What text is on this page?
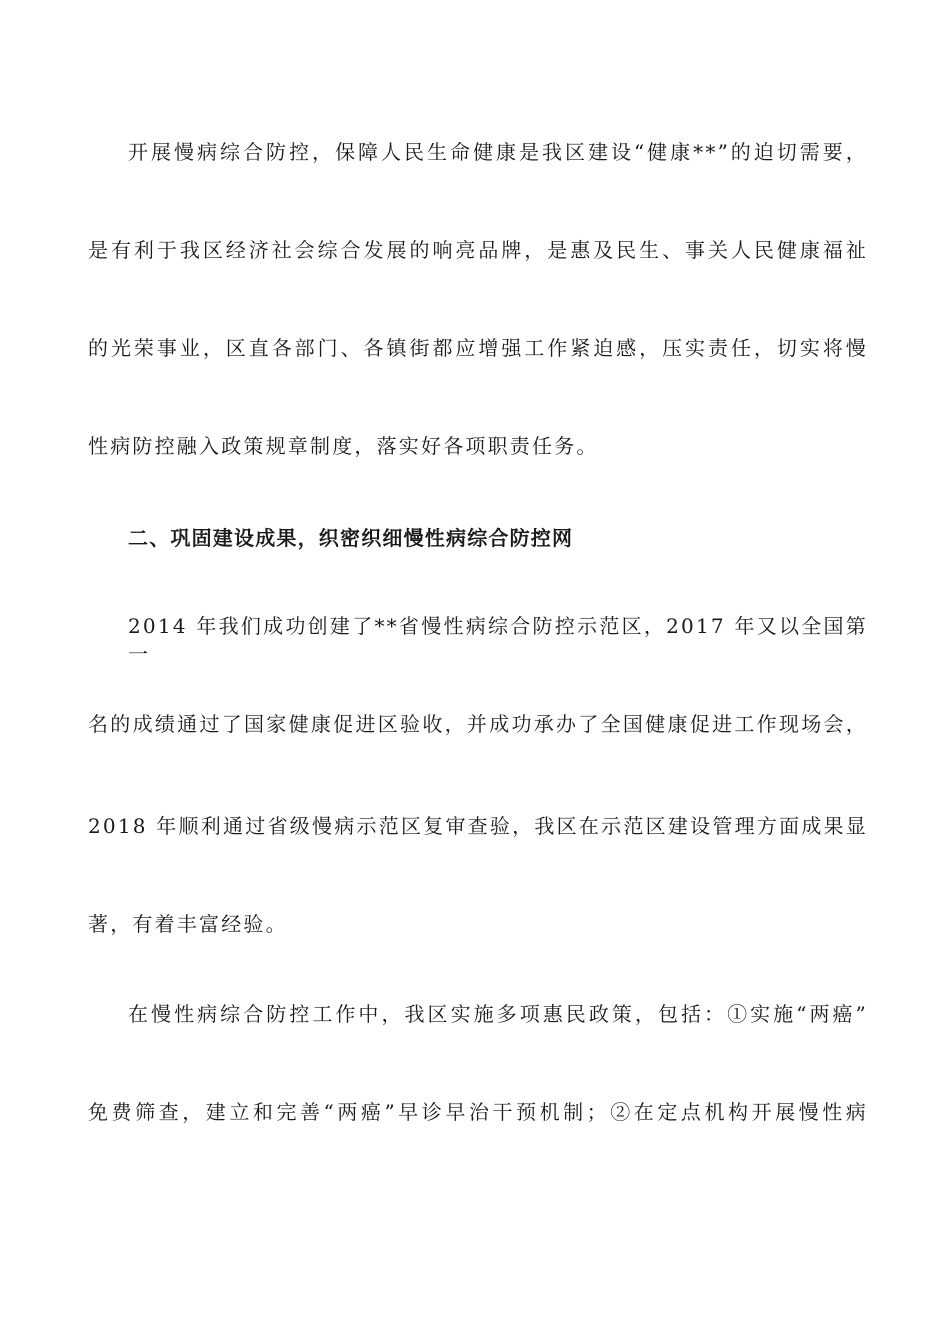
开展慢病综合防控，保障人民生命健康是我区建设“健康**”的迫切需要，
是有利于我区经济社会综合发展的响亮品牌，是惠及民生、事关人民健康福祉
的光荣事业，区直各部门、各镇街都应增强工作紧迫感，压实责任，切实将慢
性病防控融入政策规章制度，落实好各项职责任务。
二、巩固建设成果，织密织细慢性病综合防控网
2014 年我们成功创建了**省慢性病综合防控示范区，2017 年又以全国第一
名的成绩通过了国家健康促进区验收，并成功承办了全国健康促进工作现场会，
2018 年顺利通过省级慢病示范区复审查验，我区在示范区建设管理方面成果显
著，有着丰富经验。
在慢性病综合防控工作中，我区实施多项惠民政策，包括：①实施“两癌”
免费筛查，建立和完善“两癌”早诊早治干预机制；②在定点机构开展慢性病
